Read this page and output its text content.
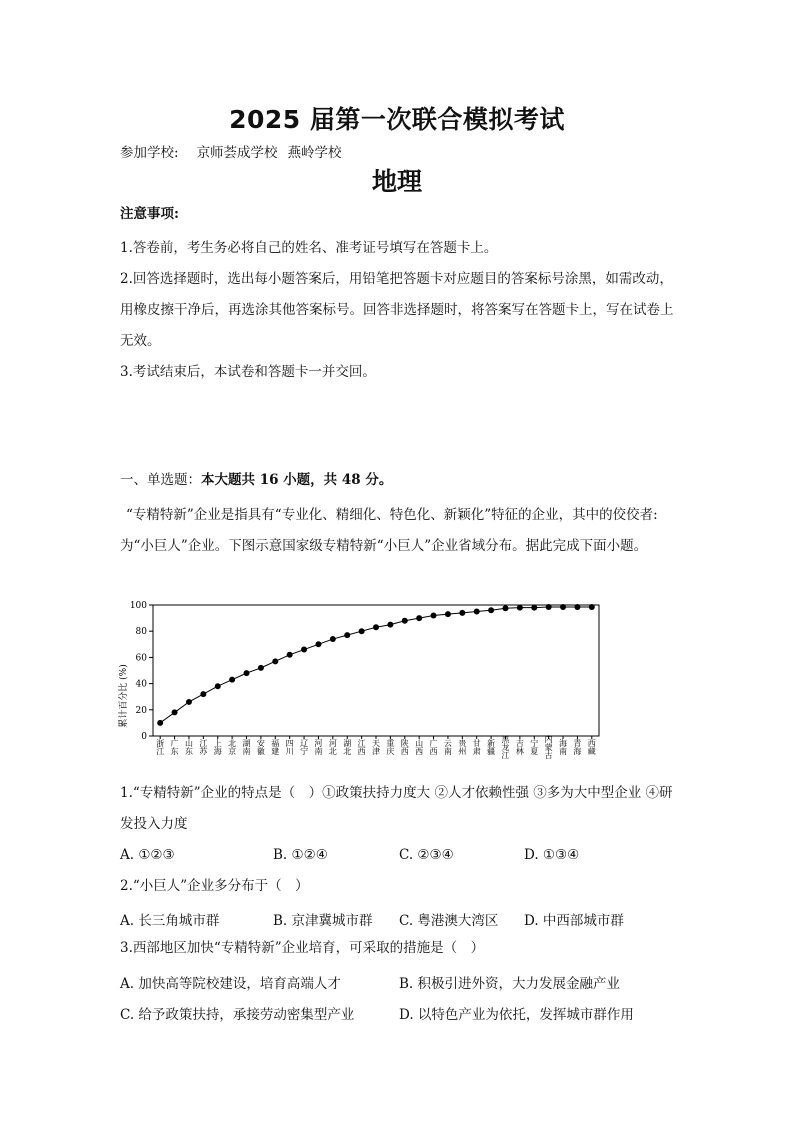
2025 届第一次联合模拟考试
参加学校: 京师荟成学校 燕岭学校
地理
注意事项:
1.答卷前，考生务必将自己的姓名、准考证号填写在答题卡上。
2.回答选择题时，选出每小题答案后，用铅笔把答题卡对应题目的答案标号涂黑，如需改动，用橡皮擦干净后，再选涂其他答案标号。回答非选择题时，将答案写在答题卡上，写在试卷上无效。
3.考试结束后，本试卷和答题卡一并交回。
一、单选题：本大题共 16 小题，共 48 分。
“专精特新”企业是指具有“专业化、精细化、特色化、新颖化”特征的企业，其中的佼佼者: 为“小巨人”企业。下图示意国家级专精特新“小巨人”企业省域分布。据此完成下面小题。
0
20
40
60
80
100
浙江 广东 山东 江苏 上海 北京 湖南 安徽 福建 四川 辽宁 河南 河北 湖北 江西 天津 重庆 陕西 山西 广西 云南 贵州 甘肃 新疆 黑龙江 吉林 宁夏 内蒙古 海南 青海 西藏
累计百分比 (%)
1.“专精特新”企业的特点是（　）①政策扶持力度大 ②人才依赖性强 ③多为大中型企业 ④研发投入力度
A. ①②③	B. ①②④	C. ②③④	D. ①③④
2.“小巨人”企业多分布于（　）
A. 长三角城市群	B. 京津冀城市群 C. 粤港澳大湾区 D. 中西部城市群
3.西部地区加快“专精特新”企业培育，可采取的措施是（　）
A. 加快高等院校建设，培育高端人才	B. 积极引进外资，大力发展金融产业
C. 给予政策扶持，承接劳动密集型产业	D. 以特色产业为依托，发挥城市群作用
